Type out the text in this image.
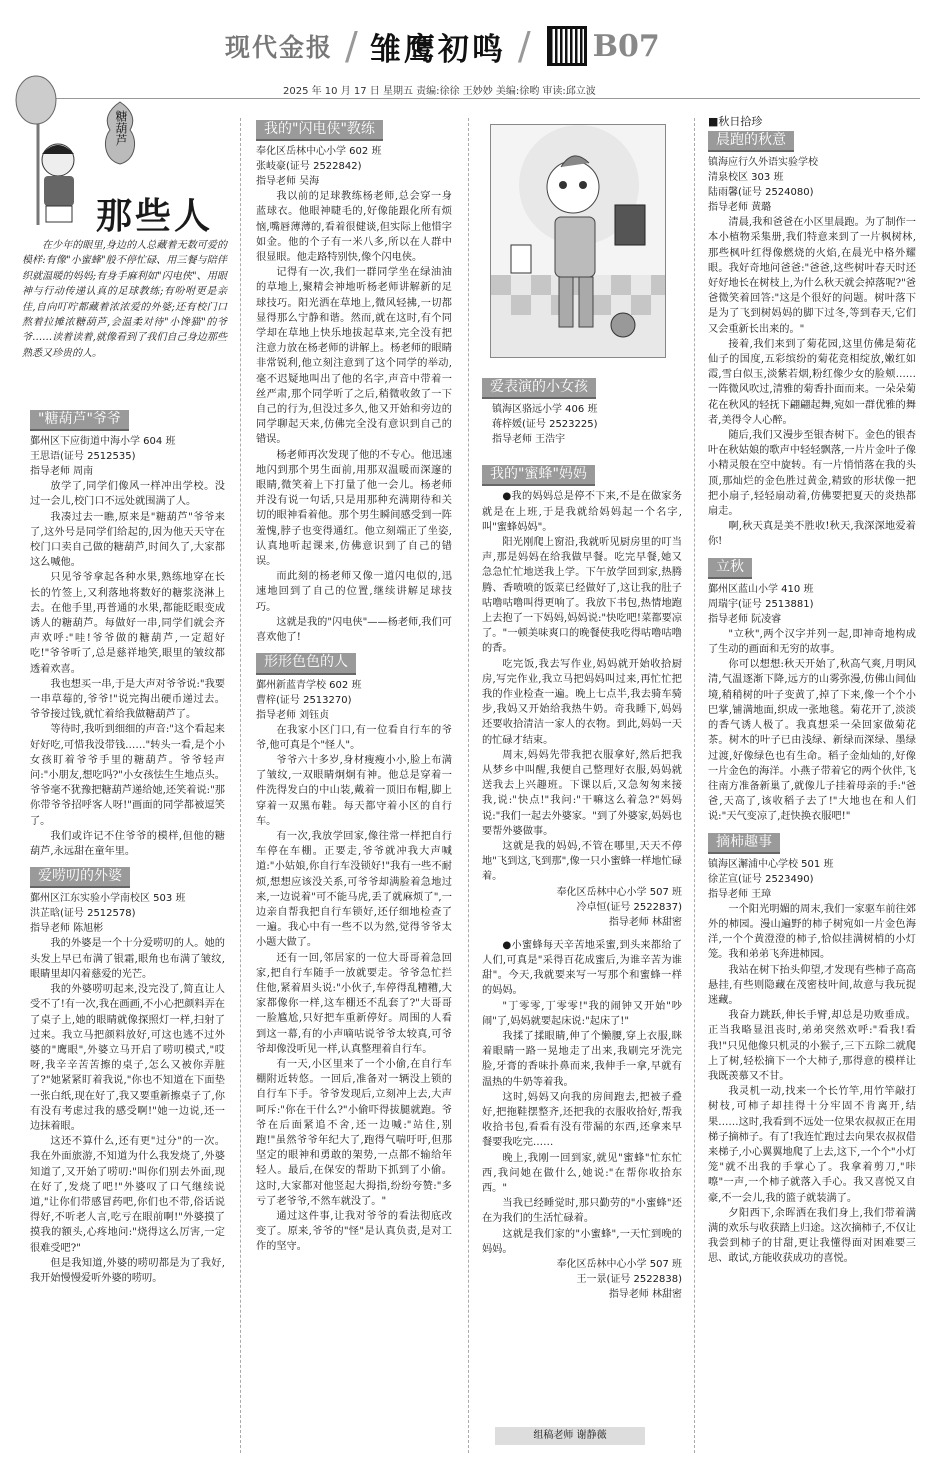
现代金报 / 雏鹰初鸣 / B07
2025 年 10 月 17 日 星期五 责编:徐徐 王妙妙 美编:徐哟 审读:邱立波
糖葫芦
那些人

在少年的眼里,身边的人总藏着无数可爱的模样:有像"小蜜蜂"般不停忙碌、用三餐与陪伴织就温暖的妈妈;有身手麻利如"闪电侠"、用眼神与行动传递认真的足球教练;有吩咐更是亲佳,自向叮咛都藏着浓浓爱的外婆;还有校门口熬着拉摊浓糖葫芦,会温柔对待"小馋猫"的爷爷……读着读着,就像看到了我们自己身边那些熟悉又珍贵的人。

"糖葫芦"爷爷
鄞州区下应街道中海小学 604 班
王思语(证号 2512535)
指导老师 周南

放学了,同学们像风一样冲出学校。没过一会儿,校门口不远处就围满了人。

我凑过去一瞧,原来是"糖葫芦"爷爷来了,这外号是同学们给起的,因为他天天守在校门口卖自己做的糖葫芦,时间久了,大家都这么喊他。

只见爷爷拿起各种水果,熟练地穿在长长的竹签上,又利落地将数好的糖浆浇淋上去。在他手里,再普通的水果,都能眨眼变成诱人的糖葫芦。每做好一串,同学们就会齐声欢呼:"哇!爷爷做的糖葫芦,一定超好吃!"爷爷听了,总是慈祥地笑,眼里的皱纹都透着欢喜。

我也想买一串,于是大声对爷爷说:"我要一串草莓的,爷爷!"说完掏出硬币递过去。爷爷接过钱,就忙着给我做糖葫芦了。

等待时,我听到细细的声音:"这个看起来好好吃,可惜我没带钱……"转头一看,是个小女孩盯着爷爷手里的糖葫芦。爷爷轻声问:"小朋友,想吃吗?"小女孩怯生生地点头。爷爷毫不犹豫把糖葫芦递给她,还笑着说:"那你带爷爷招呼客人呀!"画面的同学都被逗笑了。

我们或许记不住爷爷的模样,但他的糖葫芦,永远甜在童年里。

爱唠叨的外婆
鄞州区江东实验小学南校区 503 班
洪芷晗(证号 2512578)
指导老师 陈旭彬

我的外婆是一个十分爱唠叨的人。她的头发上早已布满了银霜,眼角也布满了皱纹,眼睛里却闪着慈爱的光芒。

我的外婆唠叨起来,没完没了,简直让人受不了!有一次,我在画画,不小心把颜料弄在了桌子上,她的眼睛就像探照灯一样,扫射了过来。我立马把颜料放好,可这也逃不过外婆的"鹰眼",外婆立马开启了唠叨模式,"哎呀,我辛辛苦苦擦的桌子,怎么又被你弄脏了?"她紧紧盯着我说,"你也不知道在下面垫一张白纸,现在好了,我又要重新擦桌子了,你有没有考虑过我的感受啊!"她一边说,还一边抹着眼。

这还不算什么,还有更"过分"的一次。我在外面旅游,不知道为什么我发烧了,外婆知道了,又开始了唠叨:"叫你们别去外面,现在好了,发烧了吧!"外婆叹了口气继续说道,"让你们带感冒药吧,你们也不带,俗话说得好,不听老人言,吃亏在眼前啊!"外婆摸了摸我的额头,心疼地问:"烧得这么厉害,一定很难受吧?"

但是我知道,外婆的唠叨都是为了我好,我开始慢慢爱听外婆的唠叨。

我的"闪电侠"教练
奉化区岳林中心小学 602 班
张岐豪(证号 2522842)
指导老师 吴海

我以前的足球教练杨老师,总会穿一身蓝球衣。他眼神睫毛的,好像能跟化所有烦恼,嘴唇薄薄的,看着很健谈,但实际上他惜字如金。他的个子有一米八多,所以在人群中很显眼。他走路特别快,像个闪电侠。

记得有一次,我们一群同学坐在绿油油的草地上,聚精会神地听杨老师讲解新的足球技巧。阳光洒在草地上,微风轻拂,一切都显得那么宁静和谐。然而,就在这时,有个同学却在草地上快乐地拔起草来,完全没有把注意力放在杨老师的讲解上。杨老师的眼睛非常锐利,他立刻注意到了这个同学的举动,毫不迟疑地叫出了他的名字,声音中带着一丝严肃,那个同学听了之后,稍微收敛了一下自己的行为,但没过多久,他又开始和旁边的同学聊起天来,仿佛完全没有意识到自己的错误。

杨老师再次发现了他的不专心。他迅速地闪到那个男生面前,用那双温暖而深邃的眼睛,微笑着上下打量了他一会儿。杨老师并没有说一句话,只是用那种充满期待和关切的眼神看着他。那个男生瞬间感受到一阵羞愧,脖子也变得通红。他立刻端正了坐姿,认真地听起课来,仿佛意识到了自己的错误。

而此刻的杨老师又像一道闪电似的,迅速地回到了自己的位置,继续讲解足球技巧。

这就是我的"闪电侠"——杨老师,我们可喜欢他了!

形形色色的人
鄞州新蓝青学校 602 班
曹梓(证号 2513270)
指导老师 刘钰贞

在我家小区门口,有一位看自行车的爷爷,他可真是个"怪人"。

爷爷六十多岁,身材瘦瘦小小,脸上布满了皱纹,一双眼睛炯炯有神。他总是穿着一件洗得发白的中山装,戴着一顶旧布帽,脚上穿着一双黑布鞋。每天都守着小区的自行车。

有一次,我放学回家,像往常一样把自行车停在车棚。正要走,爷爷就冲我大声喊道:"小姑娘,你自行车没锁好!"我有一些不耐烦,想想应该没关系,可爷爷却满脸着急地过来,一边说着"可不能马虎,丢了就麻烦了",一边亲自帮我把自行车锁好,还仔细地检查了一遍。我心中有一些不以为然,觉得爷爷太小题大做了。

还有一回,邻居家的一位大哥哥着急回家,把自行车随手一放就要走。爷爷急忙拦住他,紧着眉头说:"小伙子,车停得乱糟糟,大家都像你一样,这车棚还不乱套了?"大哥哥一脸尴尬,只好把车重新停好。周围的人看到这一幕,有的小声嘀咕说爷爷太较真,可爷爷却像没听见一样,认真整理着自行车。

有一天,小区里来了一个小偷,在自行车棚附近转悠。一回后,准备对一辆没上锁的自行车下手。爷爷发现后,立刻冲上去,大声呵斥:"你在干什么?"小偷吓得拔腿就跑。爷爷在后面紧追不舍,还一边喊:"站住,别跑!"虽然爷爷年纪大了,跑得气喘吁吁,但那坚定的眼神和勇敢的架势,一点都不输给年轻人。最后,在保安的帮助下抓到了小偷。这时,大家都对他竖起大拇指,纷纷夸赞:"多亏了老爷爷,不然车就没了。"

通过这件事,让我对爷爷的看法彻底改变了。原来,爷爷的"怪"是认真负责,是对工作的坚守。

爱表演的小女孩
镇海区骆远小学 406 班
蒋梓媛(证号 2523225)
指导老师 王浩宇
我的"蜜蜂"妈妈

●我的妈妈总是停不下来,不是在做家务就是在上班,于是我就给妈妈起一个名字,叫"蜜蜂妈妈"。

阳光刚爬上窗沿,我就听见厨房里的叮当声,那是妈妈在给我做早餐。吃完早餐,她又急急忙忙地送我上学。下午放学回到家,热腾腾、香喷喷的饭菜已经做好了,这让我的肚子咕噜咕噜叫得更响了。我放下书包,热情地跑上去抱了一下妈妈,妈妈说:"快吃吧!菜都要凉了。"一顿美味爽口的晚餐使我吃得咕噜咕噜的香。

吃完饭,我去写作业,妈妈就开始收拾厨房,写完作业,我立马把妈妈叫过来,再忙忙把我的作业检查一遍。晚上七点半,我去骑车骑步,我妈又开始给我热牛奶。奇我睡下,妈妈还要收拾清洁一家人的衣物。到此,妈妈一天的忙碌才结束。

周末,妈妈先带我把衣服拿好,然后把我从梦乡中叫醒,我便自己整理好衣服,妈妈就送我去上兴趣班。下课以后,又急匆匆来接我,说:"快点!"我问:"干嘛这么着急?"妈妈说:"我们一起去外婆家。"到了外婆家,妈妈也要帮外婆做事。

这就是我的妈妈,不管在哪里,天天不停地"飞到这,飞到那",像一只小蜜蜂一样地忙碌着。

奉化区岳林中心小学 507 班
冷卓恒(证号 2522837)
指导老师 林甜密

●小蜜蜂每天辛苦地采蜜,到头来都给了人们,可真是"采得百花成蜜后,为谁辛苦为谁甜"。今天,我就要来写一写那个和蜜蜂一样的妈妈。

"丁零零,丁零零!"我的闹钟又开始"吵闹"了,妈妈就要起床说:"起床了!"

我揉了揉眼睛,伸了个懒腰,穿上衣服,眯着眼睛一路一晃地走了出来,我刷完牙洗完脸,牙膏的香味扑鼻而来,我伸手一拿,早就有温热的牛奶等着我。

这时,妈妈又向我的房间跑去,把被子叠好,把拖鞋摆整齐,还把我的衣服收拾好,帮我收拾书包,看看有没有带漏的东西,还拿来早餐要我吃完……

晚上,我刚一回到家,就见"蜜蜂"忙东忙西,我问她在做什么,她说:"在帮你收拾东西。"

当我已经睡觉时,那只勤劳的"小蜜蜂"还在为我们的生活忙碌着。

这就是我们家的"小蜜蜂",一天忙到晚的妈妈。

奉化区岳林中心小学 507 班
王一景(证号 2522838)
指导老师 林甜密
组稿老师 谢静薇
■秋日拾珍
晨跑的秋意
镇海应行久外语实验学校
清泉校区 303 班
陆雨馨(证号 2524080)
指导老师 黄璐

清晨,我和爸爸在小区里晨跑。为了制作一本小植物采集册,我们特意来到了一片枫树林,那些枫叶红得像燃烧的火焰,在晨光中格外耀眼。我好奇地问爸爸:"爸爸,这些树叶春天时还好好地长在树枝上,为什么秋天就会掉落呢?"爸爸微笑着回答:"这是个很好的问题。树叶落下是为了飞到树妈妈的脚下过冬,等到春天,它们又会重新长出来的。"

接着,我们来到了菊花园,这里仿佛是菊花仙子的国度,五彩缤纷的菊花竞相绽放,嫩红如霞,雪白似玉,淡紫若烟,粉红像少女的脸颊……一阵微风吹过,清雅的菊香扑面而来。一朵朵菊花在秋风的轻抚下翩翩起舞,宛如一群优雅的舞者,美得令人心醉。

随后,我们又漫步至银杏树下。金色的银杏叶在秋姑娘的歌声中轻轻飘落,一片片金叶子像小精灵般在空中旋转。有一片悄悄落在我的头顶,那灿烂的金色胜过黄金,精致的形状像一把把小扇子,轻轻扇动着,仿佛要把夏天的炎热都扇走。

啊,秋天真是美不胜收!秋天,我深深地爱着你!

立秋
鄞州区蓝山小学 410 班
周瑞宇(证号 2513881)
指导老师 阮凌睿

"立秋",两个汉字并列一起,即神奇地构成了生动的画面和无穷的故事。

你可以想想:秋天开始了,秋高气爽,月明风清,气温逐渐下降,远方的山雾弥漫,仿佛山间仙境,稍稍树的叶子变黄了,掉了下来,像一个个小巴掌,铺满地面,织成一张地毯。菊花开了,淡淡的香气诱人极了。我真想采一朵回家做菊花茶。树木的叶子已由浅绿、新绿而深绿、墨绿过渡,好像绿色也有生命。稻子金灿灿的,好像一片金色的海洋。小燕子带着它的两个伙伴,飞往南方准备新巢了,就像儿子挂着母亲的手:"爸爸,天高了,该收稻子去了!"大地也在和人们说:"天气变凉了,赶快换衣服吧!"

摘柿趣事
镇海区澥浦中心学校 501 班
徐芷宣(证号 2523490)
指导老师 王璋

一个阳光明媚的周末,我们一家驱车前往郊外的柿园。漫山遍野的柿子树宛如一片金色海洋,一个个黄澄澄的柿子,恰似挂满树梢的小灯笼。我和弟弟飞奔进柿园。

我站在树下抬头仰望,才发现有些柿子高高悬挂,有些则隐藏在茂密枝叶间,故意与我玩捉迷藏。

我奋力跳跃,伸长手臂,却总是功败垂成。正当我略显沮丧时,弟弟突然欢呼:"看我!看我!"只见他像只机灵的小猴子,三下五除二就爬上了树,轻松摘下一个大柿子,那得意的模样让我既羡慕又不甘。

我灵机一动,找来一个长竹竿,用竹竿敲打树枝,可柿子却挂得十分牢固不肯离开,结果……这时,我看到不远处一位果农叔叔正在用梯子摘柿子。有了!我连忙跑过去向果农叔叔借来梯子,小心翼翼地爬了上去,这下,一个个"小灯笼"就不出我的手掌心了。我拿着剪刀,"咔嚓"一声,一个柿子就落入手心。我又喜悦又自豪,不一会儿,我的篮子就装满了。

夕阳西下,余晖洒在我们身上,我们带着满满的欢乐与收获踏上归途。这次摘柿子,不仅让我尝到柿子的甘甜,更让我懂得面对困难要三思、敢试,方能收获成功的喜悦。
